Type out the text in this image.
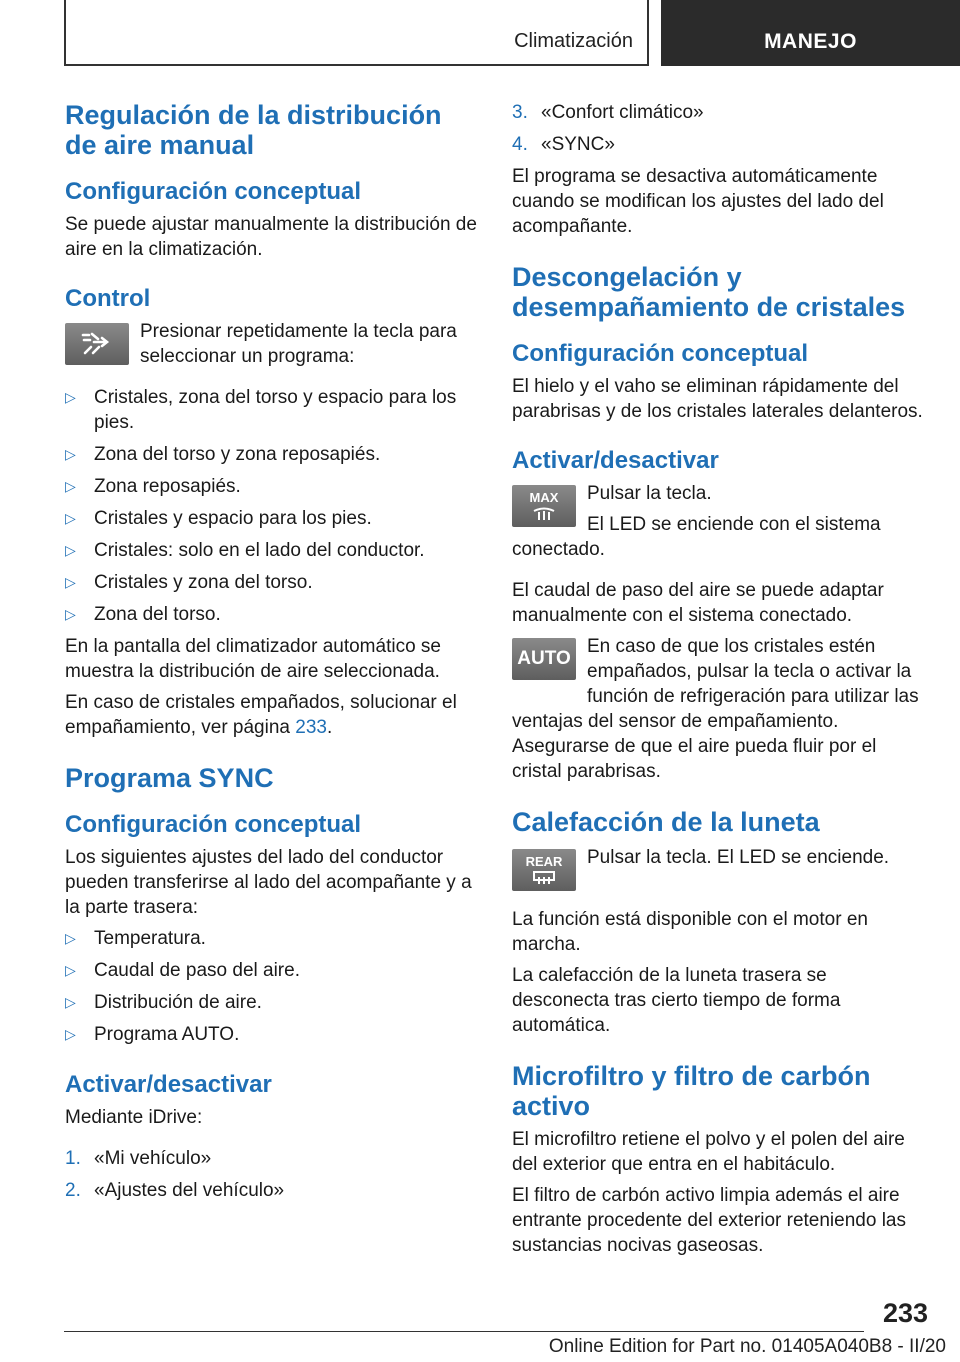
Climatización	MANEJO
Regulación de la distribución de aire manual
Configuración conceptual

Se puede ajustar manualmente la distribución de aire en la climatización.

Control

Presionar repetidamente la tecla para seleccionar un programa:

▷ Cristales, zona del torso y espacio para los pies.
▷ Zona del torso y zona reposapiés.
▷ Zona reposapiés.
▷ Cristales y espacio para los pies.
▷ Cristales: solo en el lado del conductor.
▷ Cristales y zona del torso.
▷ Zona del torso.

En la pantalla del climatizador automático se muestra la distribución de aire seleccionada.

En caso de cristales empañados, solucionar el empañamiento, ver página 233.

Programa SYNC
Configuración conceptual

Los siguientes ajustes del lado del conductor pueden transferirse al lado del acompañante y a la parte trasera:

▷ Temperatura.
▷ Caudal de paso del aire.
▷ Distribución de aire.
▷ Programa AUTO.
Activar/desactivar

Mediante iDrive:

1. «Mi vehículo»
2. «Ajustes del vehículo»
3. «Confort climático»
4. «SYNC»

El programa se desactiva automáticamente cuando se modifican los ajustes del lado del acompañante.

Descongelación y desempañamiento de cristales
Configuración conceptual

El hielo y el vaho se eliminan rápidamente del parabrisas y de los cristales laterales delanteros.

Activar/desactivar
MAX	Pulsar la tecla.

El LED se enciende con el sistema conectado.

El caudal de paso del aire se puede adaptar manualmente con el sistema conectado.

AUTO

En caso de que los cristales estén empañados, pulsar la tecla o activar la función de refrigeración para utilizar las ventajas del sensor de empañamiento. Asegurarse de que el aire pueda fluir por el cristal parabrisas.

Calefacción de la luneta
REAR	Pulsar la tecla. El LED se enciende.

La función está disponible con el motor en marcha.

La calefacción de la luneta trasera se desconecta tras cierto tiempo de forma automática.

Microfiltro y filtro de carbón activo

El microfiltro retiene el polvo y el polen del aire del exterior que entra en el habitáculo.

El filtro de carbón activo limpia además el aire entrante procedente del exterior reteniendo las sustancias nocivas gaseosas.

233
Online Edition for Part no. 01405A040B8 - II/20
